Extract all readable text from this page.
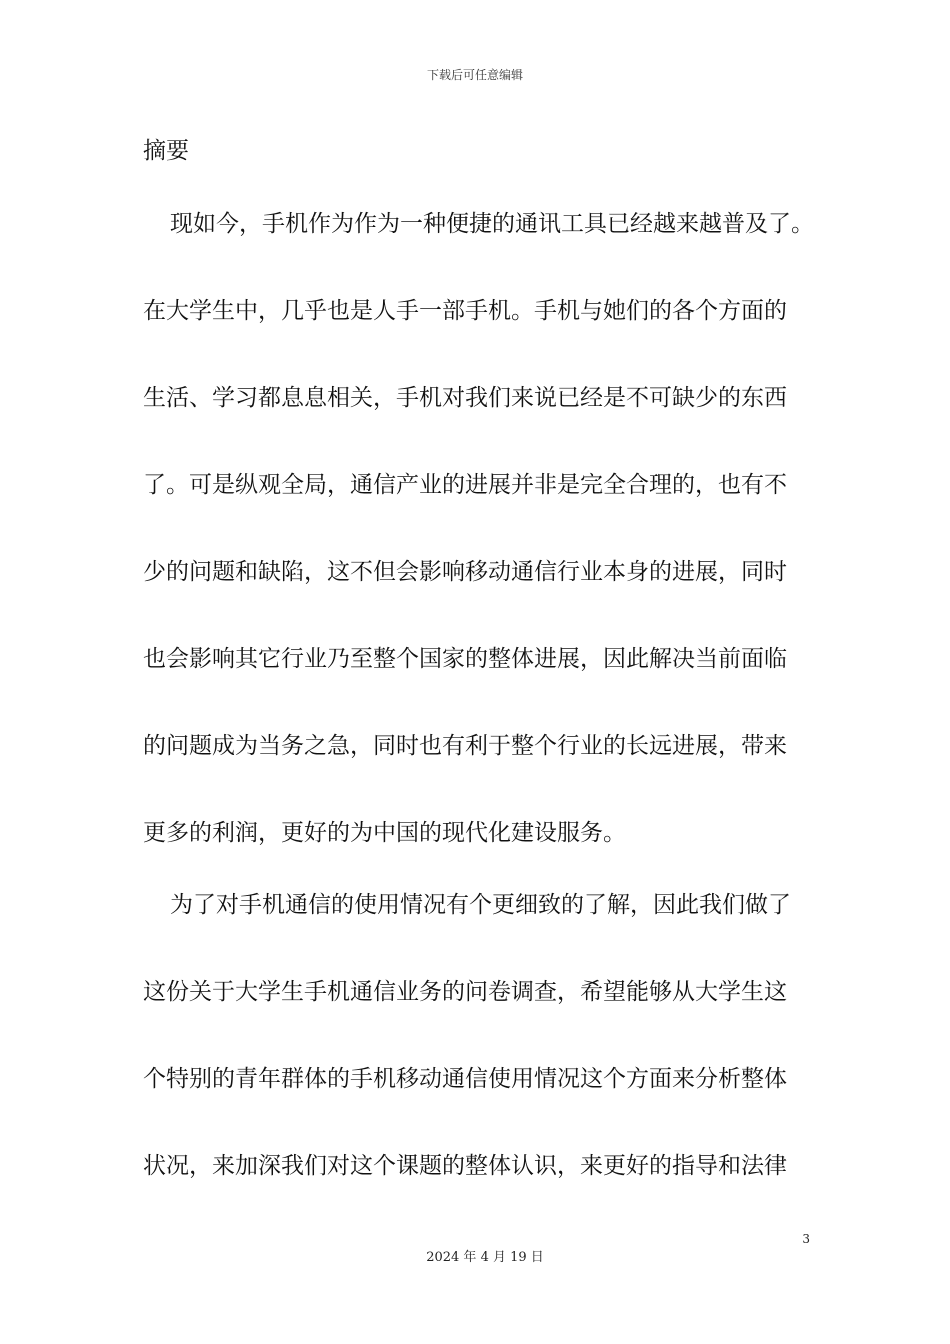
下载后可任意编辑
摘要
现如今，手机作为作为一种便捷的通讯工具已经越来越普及了。
在大学生中，几乎也是人手一部手机。手机与她们的各个方面的
生活、学习都息息相关，手机对我们来说已经是不可缺少的东西
了。可是纵观全局，通信产业的进展并非是完全合理的，也有不
少的问题和缺陷，这不但会影响移动通信行业本身的进展，同时
也会影响其它行业乃至整个国家的整体进展，因此解决当前面临
的问题成为当务之急，同时也有利于整个行业的长远进展，带来
更多的利润，更好的为中国的现代化建设服务。
为了对手机通信的使用情况有个更细致的了解，因此我们做了
这份关于大学生手机通信业务的问卷调查，希望能够从大学生这
个特别的青年群体的手机移动通信使用情况这个方面来分析整体
状况，来加深我们对这个课题的整体认识，来更好的指导和法律
3
2024 年 4 月 19 日
